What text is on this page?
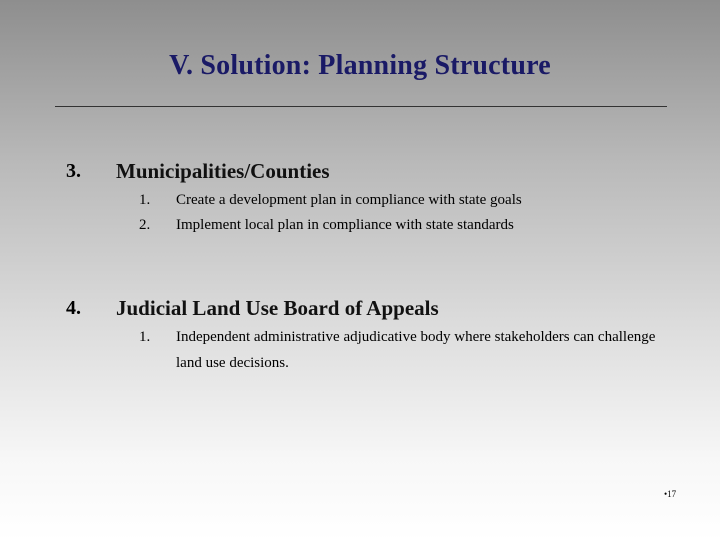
V. Solution: Planning Structure
3. Municipalities/Counties
1. Create a development plan in compliance with state goals
2. Implement local plan in compliance with state standards
4. Judicial Land Use Board of Appeals
1. Independent administrative adjudicative body where stakeholders can challenge land use decisions.
•17
